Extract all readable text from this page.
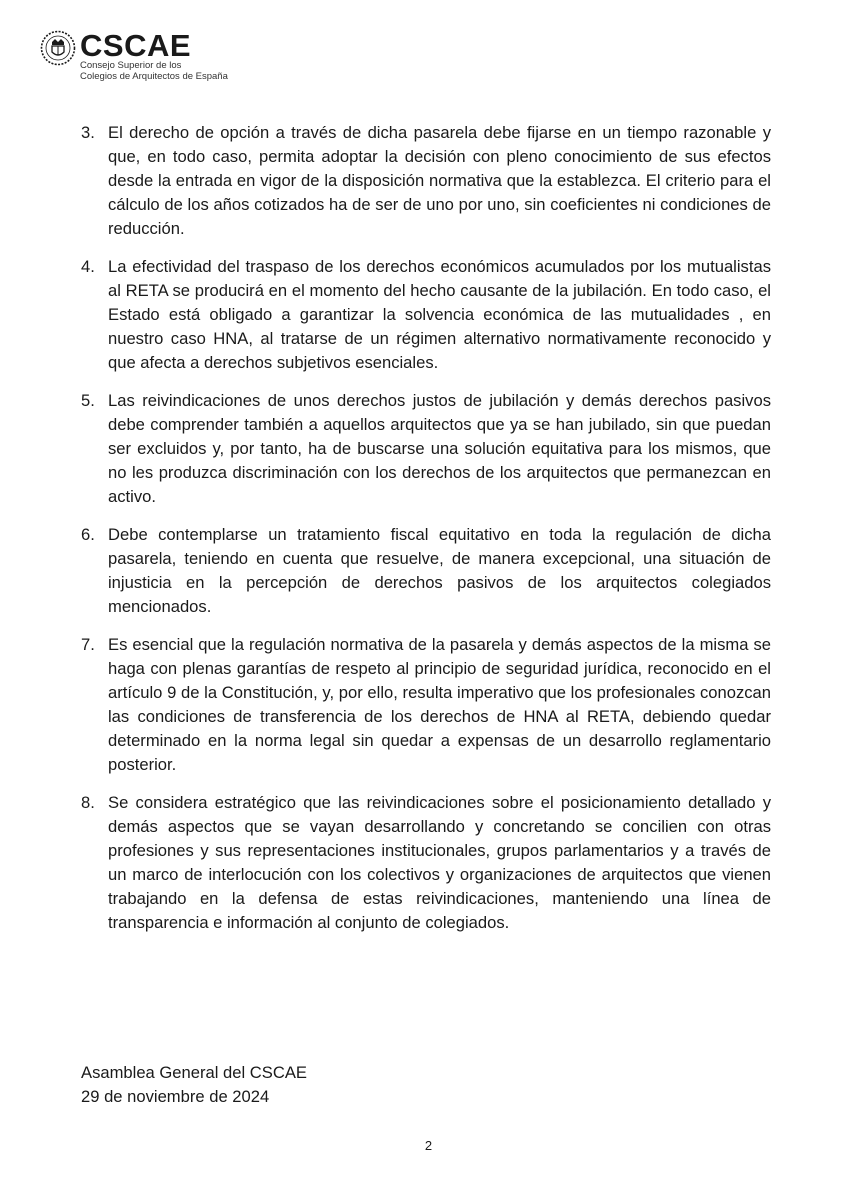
CSCAE
Consejo Superior de los
Colegios de Arquitectos de España
3. El derecho de opción a través de dicha pasarela debe fijarse en un tiempo razonable y que, en todo caso, permita adoptar la decisión con pleno conocimiento de sus efectos desde la entrada en vigor de la disposición normativa que la establezca. El criterio para el cálculo de los años cotizados ha de ser de uno por uno, sin coeficientes ni condiciones de reducción.
4. La efectividad del traspaso de los derechos económicos acumulados por los mutualistas al RETA se producirá en el momento del hecho causante de la jubilación. En todo caso, el Estado está obligado a garantizar la solvencia económica de las mutualidades , en nuestro caso HNA, al tratarse de un régimen alternativo normativamente reconocido y que afecta a derechos subjetivos esenciales.
5. Las reivindicaciones de unos derechos justos de jubilación y demás derechos pasivos debe comprender también a aquellos arquitectos que ya se han jubilado, sin que puedan ser excluidos y, por tanto, ha de buscarse una solución equitativa para los mismos, que no les produzca discriminación con los derechos de los arquitectos que permanezcan en activo.
6. Debe contemplarse un tratamiento fiscal equitativo en toda la regulación de dicha pasarela, teniendo en cuenta que resuelve, de manera excepcional, una situación de injusticia en la percepción de derechos pasivos de los arquitectos colegiados mencionados.
7. Es esencial que la regulación normativa de la pasarela y demás aspectos de la misma se haga con plenas garantías de respeto al principio de seguridad jurídica, reconocido en el artículo 9 de la Constitución, y, por ello, resulta imperativo que los profesionales conozcan las condiciones de transferencia de los derechos de HNA al RETA, debiendo quedar determinado en la norma legal sin quedar a expensas de un desarrollo reglamentario posterior.
8. Se considera estratégico que las reivindicaciones sobre el posicionamiento detallado y demás aspectos que se vayan desarrollando y concretando se concilien con otras profesiones y sus representaciones institucionales, grupos parlamentarios y a través de un marco de interlocución con los colectivos y organizaciones de arquitectos que vienen trabajando en la defensa de estas reivindicaciones, manteniendo una línea de transparencia e información al conjunto de colegiados.
Asamblea General del CSCAE
29 de noviembre de 2024
2
